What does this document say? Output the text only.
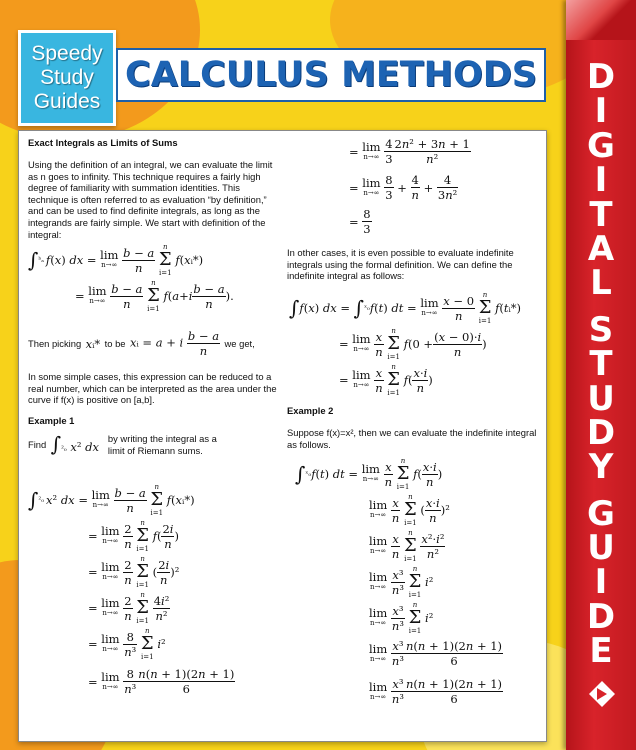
D
I
G
I
T
A
L
S
T
U
D
Y
G
U
I
D
E
Speedy
Study
Guides
CALCULUS METHODS

Exact Integrals as Limits of Sums

Using the definition of an integral, we can evaluate the limit as n goes to infinity. This technique requires a fairly high degree of familiarity with summation identities. This technique is often referred to as evaluation “by definition,” and can be used to find definite integrals, as long as the integrands are fairly simple. We start with definition of the integral:

∫ ᵇₐ f ( x ) dx = lim
n→∞
$\frac{b - a}{n}$
	n
Σ
i=1

f ( x ᵢ*)
= lim
n→∞
$\frac{b - a}{n}$
	n
Σ
i=1

f ( a + i $\frac{b - a}{n}$ ).
Then picking
xᵢ*
to be
xᵢ = a + i $\frac{b - a}{n}$
we get,

In some simple cases, this expression can be reduced to a real number, which can be interpreted as the area under the curve if f(x) is positive on [a,b].

Example 1

Find
∫²₀ x² dx

by writing the integral as a limit of Riemann sums.
∫ ²₀ x ² dx = lim
n→∞
$\frac{b - a}{n}$
	n
Σ
i=1

f ( x ᵢ*)
= lim
n→∞
$\frac{2}{n}$
	n
Σ
i=1

f ( $\frac{2i}{n}$ )
= lim
n→∞
$\frac{2}{n}$
	n
Σ
i=1
( $\frac{2i}{n} )^2$
= lim
n→∞
$\frac{2}{n}$
	n
Σ
i=1
$\frac{\text{4i²}}{\text{n²}}$
= lim
n→∞
$\frac{8}{\text{n³}}$
	n
Σ
i=1

i ²
= lim
n→∞
$\frac{8}{\text{n³}} \frac{n(n + 1)(2n + 1)}{6}$
= lim
n→∞
$\frac{4}{3} \frac{\text{2n² + 3n + 1}}{\text{n²}}$
= lim
n→∞
$\frac{8}{3} + \frac{4}{n} + \frac{4}{\text{3n²}}$
= $\frac{8}{3}$

In other cases, it is even possible to evaluate indefinite integrals using the formal definition. We can define the indefinite integral as follows:

∫ f ( x ) dx = ∫ ˣ₀ f ( t ) dt = lim
n→∞
$\frac{x - 0}{n}$
	n
Σ
i=1

f ( t ᵢ*)
= lim
n→∞
$\frac{x}{n}$
	n
Σ
i=1

f ($0 + \frac{(x - 0)\cdot i}{n}$ )
= lim
n→∞
$\frac{x}{n}$
	n
Σ
i=1

f ( $\frac{x\cdot i}{n}$ )

Example 2

Suppose f(x)=x², then we can evaluate the indefinite integral as follows.

∫ ˣ₀ f ( t ) dt = lim
n→∞
$\frac{x}{n}$
	n
Σ
i=1

f ( $\frac{x\cdot i}{n}$ )
lim
n→∞
$\frac{x}{n}$
	n
Σ
i=1
( $\frac{x\cdot i}{n} )^2$
lim
n→∞
$\frac{x}{n}$
	n
Σ
i=1
$\frac{\text{x²·i²}}{\text{n²}}$
lim
n→∞
$\frac{\text{x³}}{\text{n³}}$
	n
Σ
i=1

i ²
lim
n→∞
$\frac{\text{x³}}{\text{n³}}$
	n
Σ
i=1

i ²
lim
n→∞
$\frac{\text{x³}}{\text{n³}} \frac{n(n + 1)(2n + 1)}{6}$
lim
n→∞
$\frac{\text{x³}}{\text{n³}} \frac{n(n + 1)(2n + 1)}{6}$
